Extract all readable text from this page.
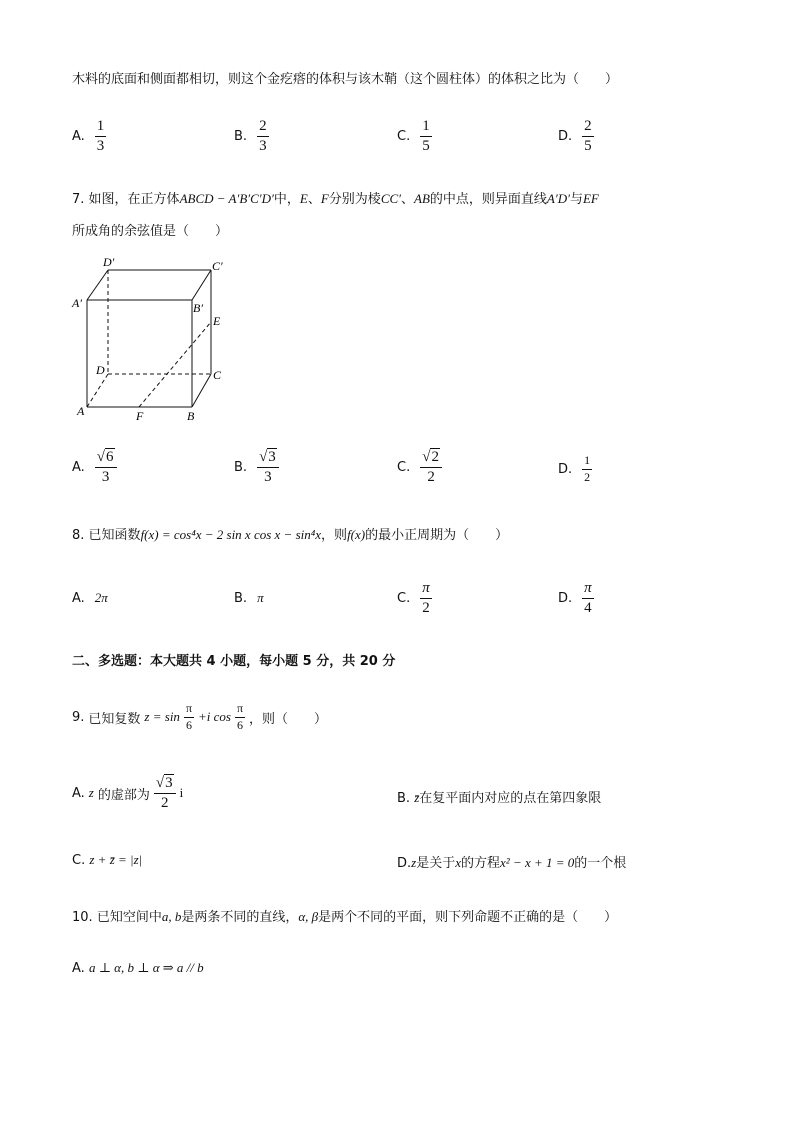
木料的底面和侧面都相切，则这个金疙瘩的体积与该木鞘（这个圆柱体）的体积之比为（　　）
A. $\frac{1}{3}$	B. $\frac{2}{3}$	C. $\frac{1}{5}$	D. $\frac{2}{5}$
7. 如图，在正方体ABCD − A′B′C′D′中，E、F分别为棱CC′、AB的中点，则异面直线A′D′与EF
所成角的余弦值是（　　）
D′	C′
A′	B′
E
D	C
A	F	B
A. $\frac{√ 6}{3}$	B. $\frac{√ 3}{3}$	C. $\frac{√ 2}{2}$	D. $\frac{1}{2}$
8. 已知函数f(x) = cos⁴x − 2 sin x cos x − sin⁴x，则f(x)的最小正周期为（　　）
A. 2π	B. π	C. $\frac{\pi}{2}$	D. $\frac{\pi}{4}$
二、多选题：本大题共 4 小题，每小题 5 分，共 20 分
9. 已知复数 $z = \sin \frac{\pi}{6} +i$ $\cos \frac{\pi}{6}$ ，则（　　）
A. z 的虚部为 $\frac{√ 3}{2}$ i	B. z̄在复平面内对应的点在第四象限
C. z + z̄ = |z|	D.z是关于x的方程x² − x + 1 = 0的一个根
10. 已知空间中a, b是两条不同的直线，α, β是两个不同的平面，则下列命题不正确的是（　　）
A. a ⊥ α, b ⊥ α ⇒ a // b
